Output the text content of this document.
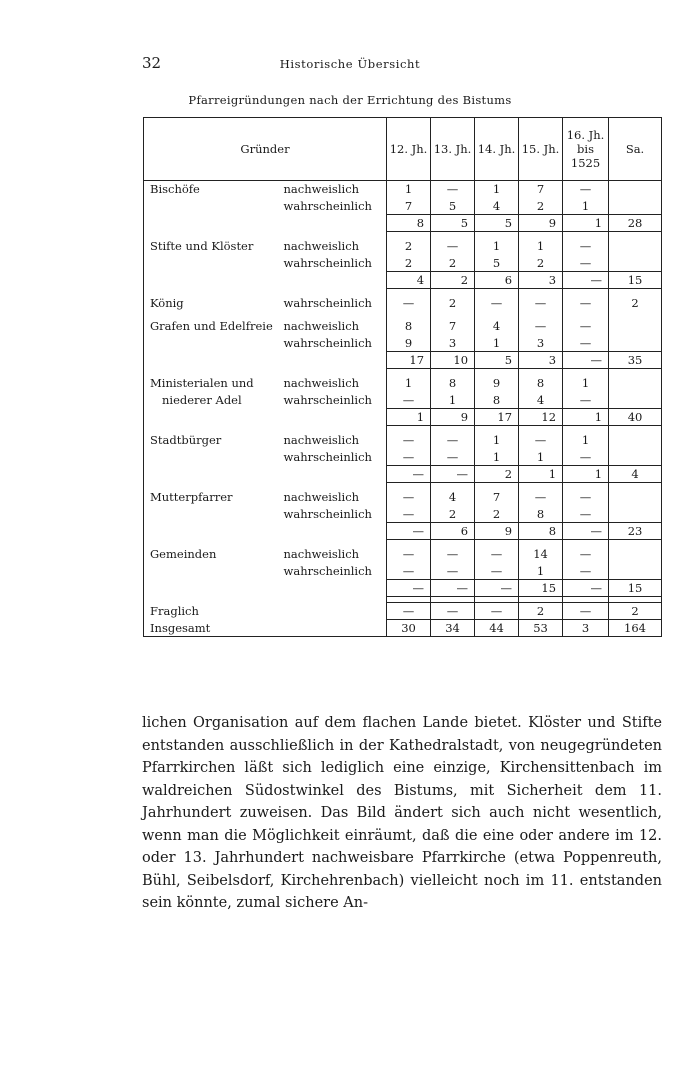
32	Historische Übersicht
Pfarreigründungen nach der Errichtung des Bistums
Gründer		12. Jh.	13. Jh.	14. Jh.	15. Jh.	16. Jh. bis 1525	Sa.
Bischöfe	nachweislich	1	—	1	7	—	
	wahrscheinlich	7	5	4	2	1	
		8	5	5	9	1	28

Stifte und Klöster	nachweislich	2	—	1	1	—	
	wahrscheinlich	2	2	5	2	—	
		4	2	6	3	—	15

König	wahrscheinlich	—	2	—	—	—	2

Grafen und Edelfreie	nachweislich	8	7	4	—	—	
	wahrscheinlich	9	3	1	3	—	
		17	10	5	3	—	35

Ministerialen und	nachweislich	1	8	9	8	1	
niederer Adel	wahrscheinlich	—	1	8	4	—	
		1	9	17	12	1	40

Stadtbürger	nachweislich	—	—	1	—	1	
	wahrscheinlich	—	—	1	1	—	
		—	—	2	1	1	4

Mutterpfarrer	nachweislich	—	4	7	—	—	
	wahrscheinlich	—	2	2	8	—	
		—	6	9	8	—	23

Gemeinden	nachweislich	—	—	—	14	—	
	wahrscheinlich	—	—	—	1	—	
		—	—	—	15	—	15

Fraglich		—	—	—	2	—	2
Insgesamt		30	34	44	53	3	164

lichen Organisation auf dem flachen Lande bietet. Klöster und Stifte entstanden ausschließlich in der Kathedralstadt, von neugegründeten Pfarrkirchen läßt sich lediglich eine einzige, Kirchensittenbach im waldreichen Südostwinkel des Bistums, mit Sicherheit dem 11. Jahrhundert zuweisen. Das Bild ändert sich auch nicht wesentlich, wenn man die Möglichkeit einräumt, daß die eine oder andere im 12. oder 13. Jahrhundert nachweisbare Pfarrkirche (etwa Poppenreuth, Bühl, Seibelsdorf, Kirchehrenbach) vielleicht noch im 11. entstanden sein könnte, zumal sichere An-
